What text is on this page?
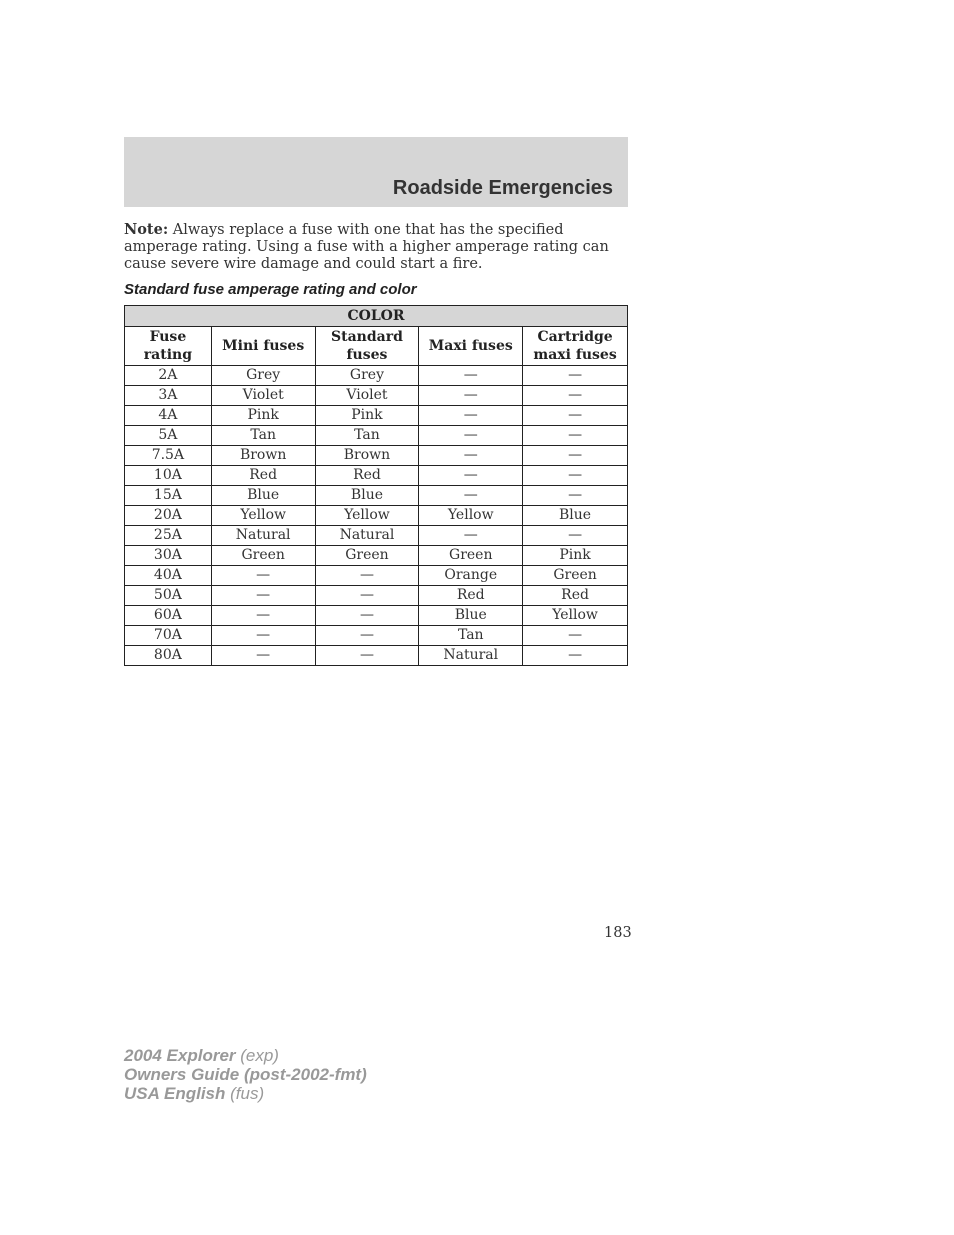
Roadside Emergencies
Note: Always replace a fuse with one that has the specified amperage rating. Using a fuse with a higher amperage rating can cause severe wire damage and could start a fire.
Standard fuse amperage rating and color
COLOR				
Fuse rating	Mini fuses	Standard fuses	Maxi fuses	Cartridge maxi fuses
2A	Grey	Grey	—	—
3A	Violet	Violet	—	—
4A	Pink	Pink	—	—
5A	Tan	Tan	—	—
7.5A	Brown	Brown	—	—
10A	Red	Red	—	—
15A	Blue	Blue	—	—
20A	Yellow	Yellow	Yellow	Blue
25A	Natural	Natural	—	—
30A	Green	Green	Green	Pink
40A	—	—	Orange	Green
50A	—	—	Red	Red
60A	—	—	Blue	Yellow
70A	—	—	Tan	—
80A	—	—	Natural	—
183
2004 Explorer (exp)
Owners Guide (post-2002-fmt)
USA English (fus)
